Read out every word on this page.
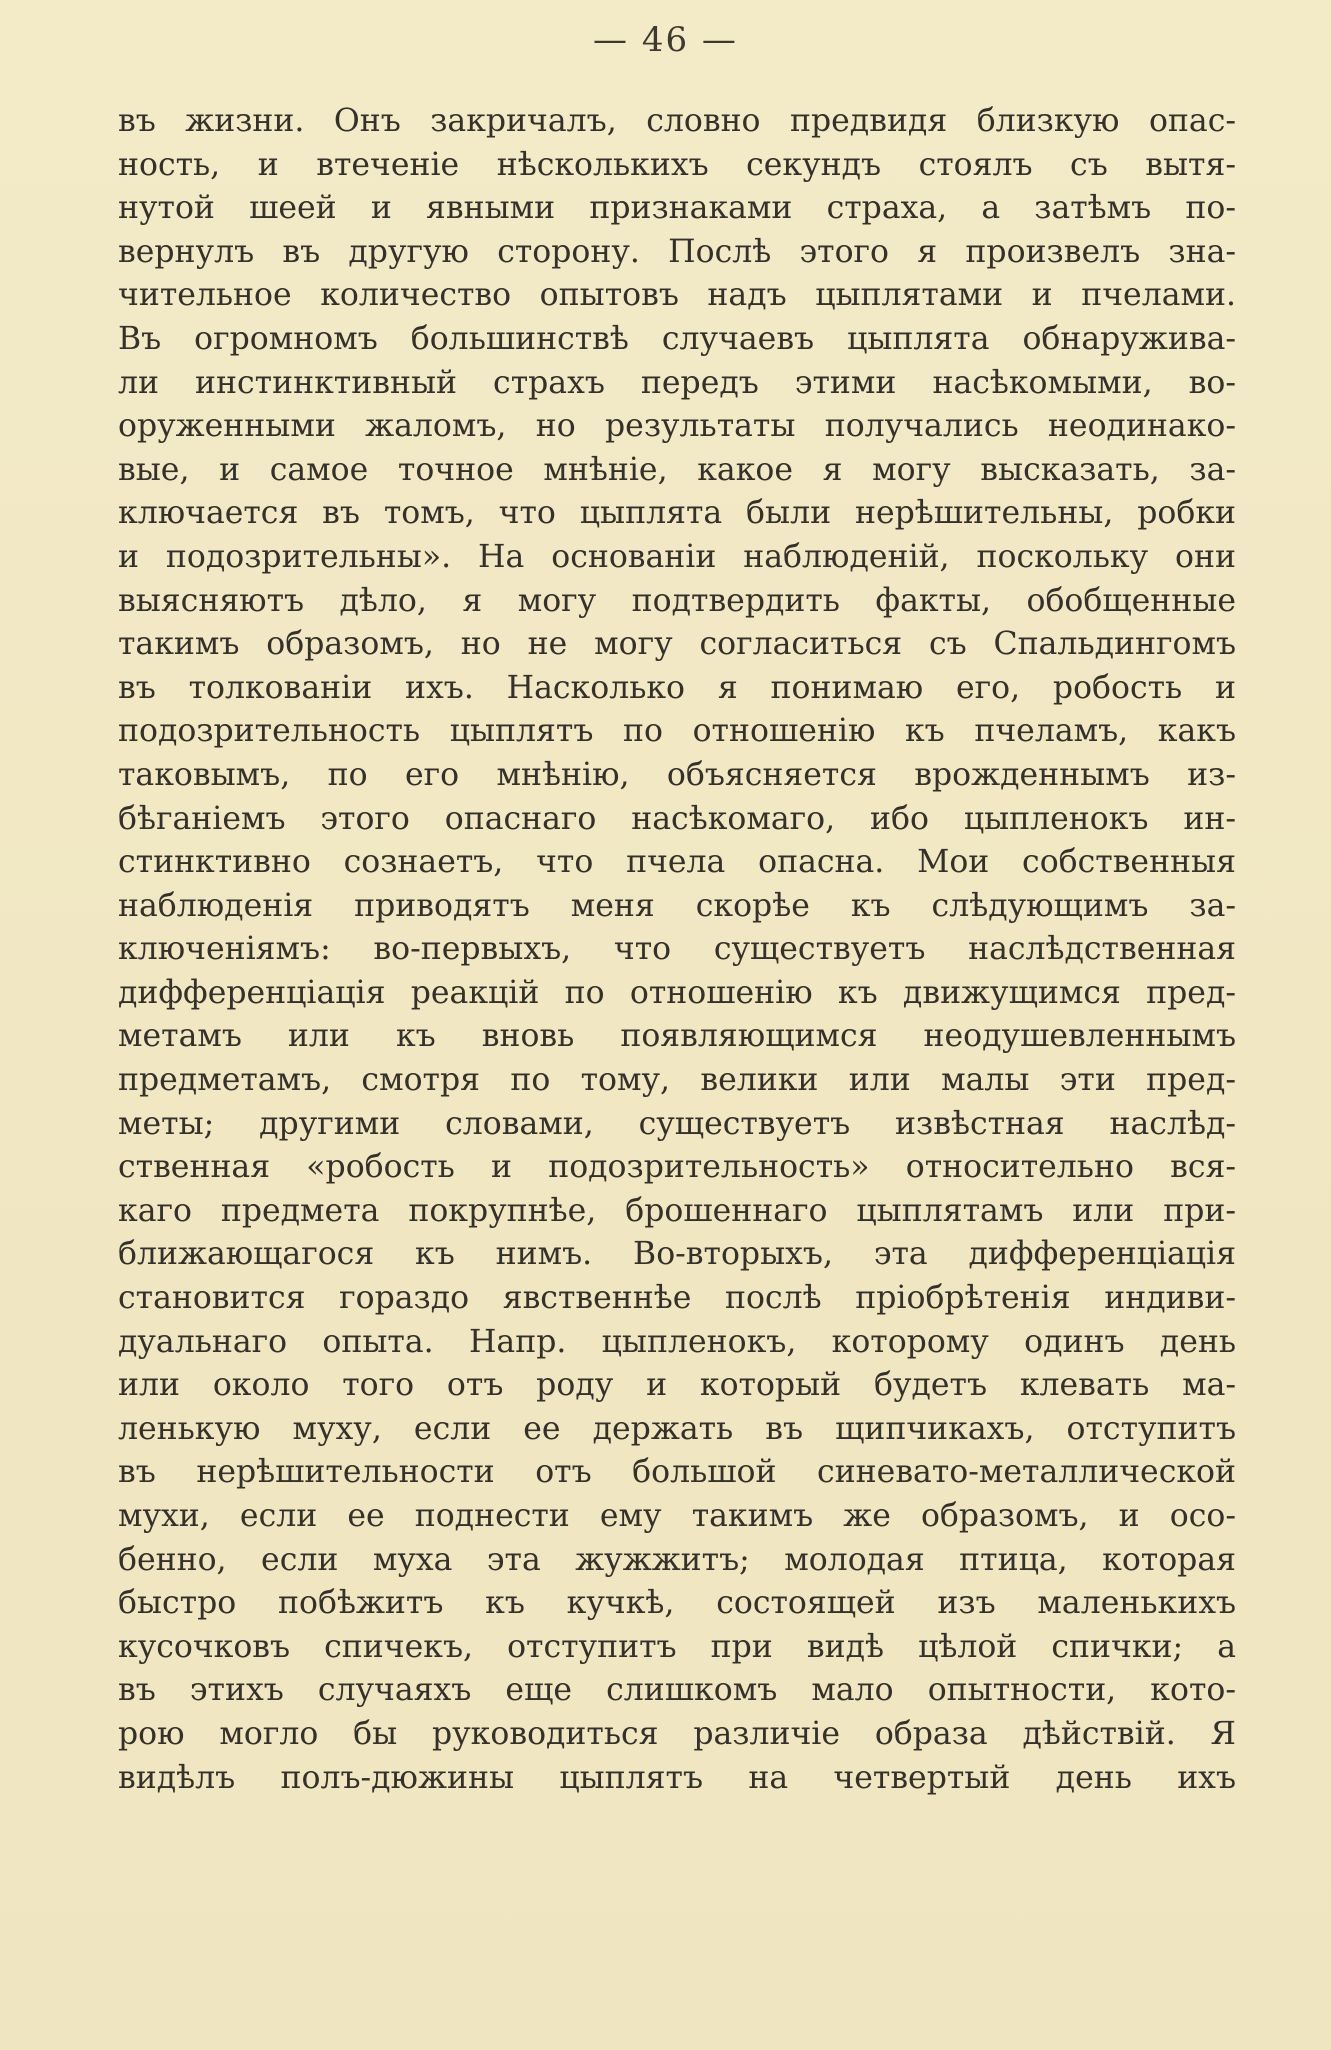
— 46 —
въ жизни. Онъ закричалъ, словно предвидя близкую опас-
ность, и втеченіе нѣсколькихъ секундъ стоялъ съ вытя-
нутой шеей и явными признаками страха, а затѣмъ по-
вернулъ въ другую сторону. Послѣ этого я произвелъ зна-
чительное количество опытовъ надъ цыплятами и пчелами.
Въ огромномъ большинствѣ случаевъ цыплята обнаружива-
ли инстинктивный страхъ передъ этими насѣкомыми, во-
оруженными жаломъ, но результаты получались неодинако-
вые, и самое точное мнѣніе, какое я могу высказать, за-
ключается въ томъ, что цыплята были нерѣшительны, робки
и подозрительны». На основаніи наблюденій, поскольку они
выясняютъ дѣло, я могу подтвердить факты, обобщенные
такимъ образомъ, но не могу согласиться съ Спальдингомъ
въ толкованіи ихъ. Насколько я понимаю его, робость и
подозрительность цыплятъ по отношенію къ пчеламъ, какъ
таковымъ, по его мнѣнію, объясняется врожденнымъ из-
бѣганіемъ этого опаснаго насѣкомаго, ибо цыпленокъ ин-
стинктивно сознаетъ, что пчела опасна. Мои собственныя
наблюденія приводятъ меня скорѣе къ слѣдующимъ за-
ключеніямъ: во-первыхъ, что существуетъ наслѣдственная
дифференціація реакцій по отношенію къ движущимся пред-
метамъ или къ вновь появляющимся неодушевленнымъ
предметамъ, смотря по тому, велики или малы эти пред-
меты; другими словами, существуетъ извѣстная наслѣд-
ственная «робость и подозрительность» относительно вся-
каго предмета покрупнѣе, брошеннаго цыплятамъ или при-
ближающагося къ нимъ. Во-вторыхъ, эта дифференціація
становится гораздо явственнѣе послѣ пріобрѣтенія индиви-
дуальнаго опыта. Напр. цыпленокъ, которому одинъ день
или около того отъ роду и который будетъ клевать ма-
ленькую муху, если ее держать въ щипчикахъ, отступитъ
въ нерѣшительности отъ большой синевато-металлической
мухи, если ее поднести ему такимъ же образомъ, и осо-
бенно, если муха эта жужжитъ; молодая птица, которая
быстро побѣжитъ къ кучкѣ, состоящей изъ маленькихъ
кусочковъ спичекъ, отступитъ при видѣ цѣлой спички; а
въ этихъ случаяхъ еще слишкомъ мало опытности, кото-
рою могло бы руководиться различіе образа дѣйствій. Я
видѣлъ полъ-дюжины цыплятъ на четвертый день ихъ
